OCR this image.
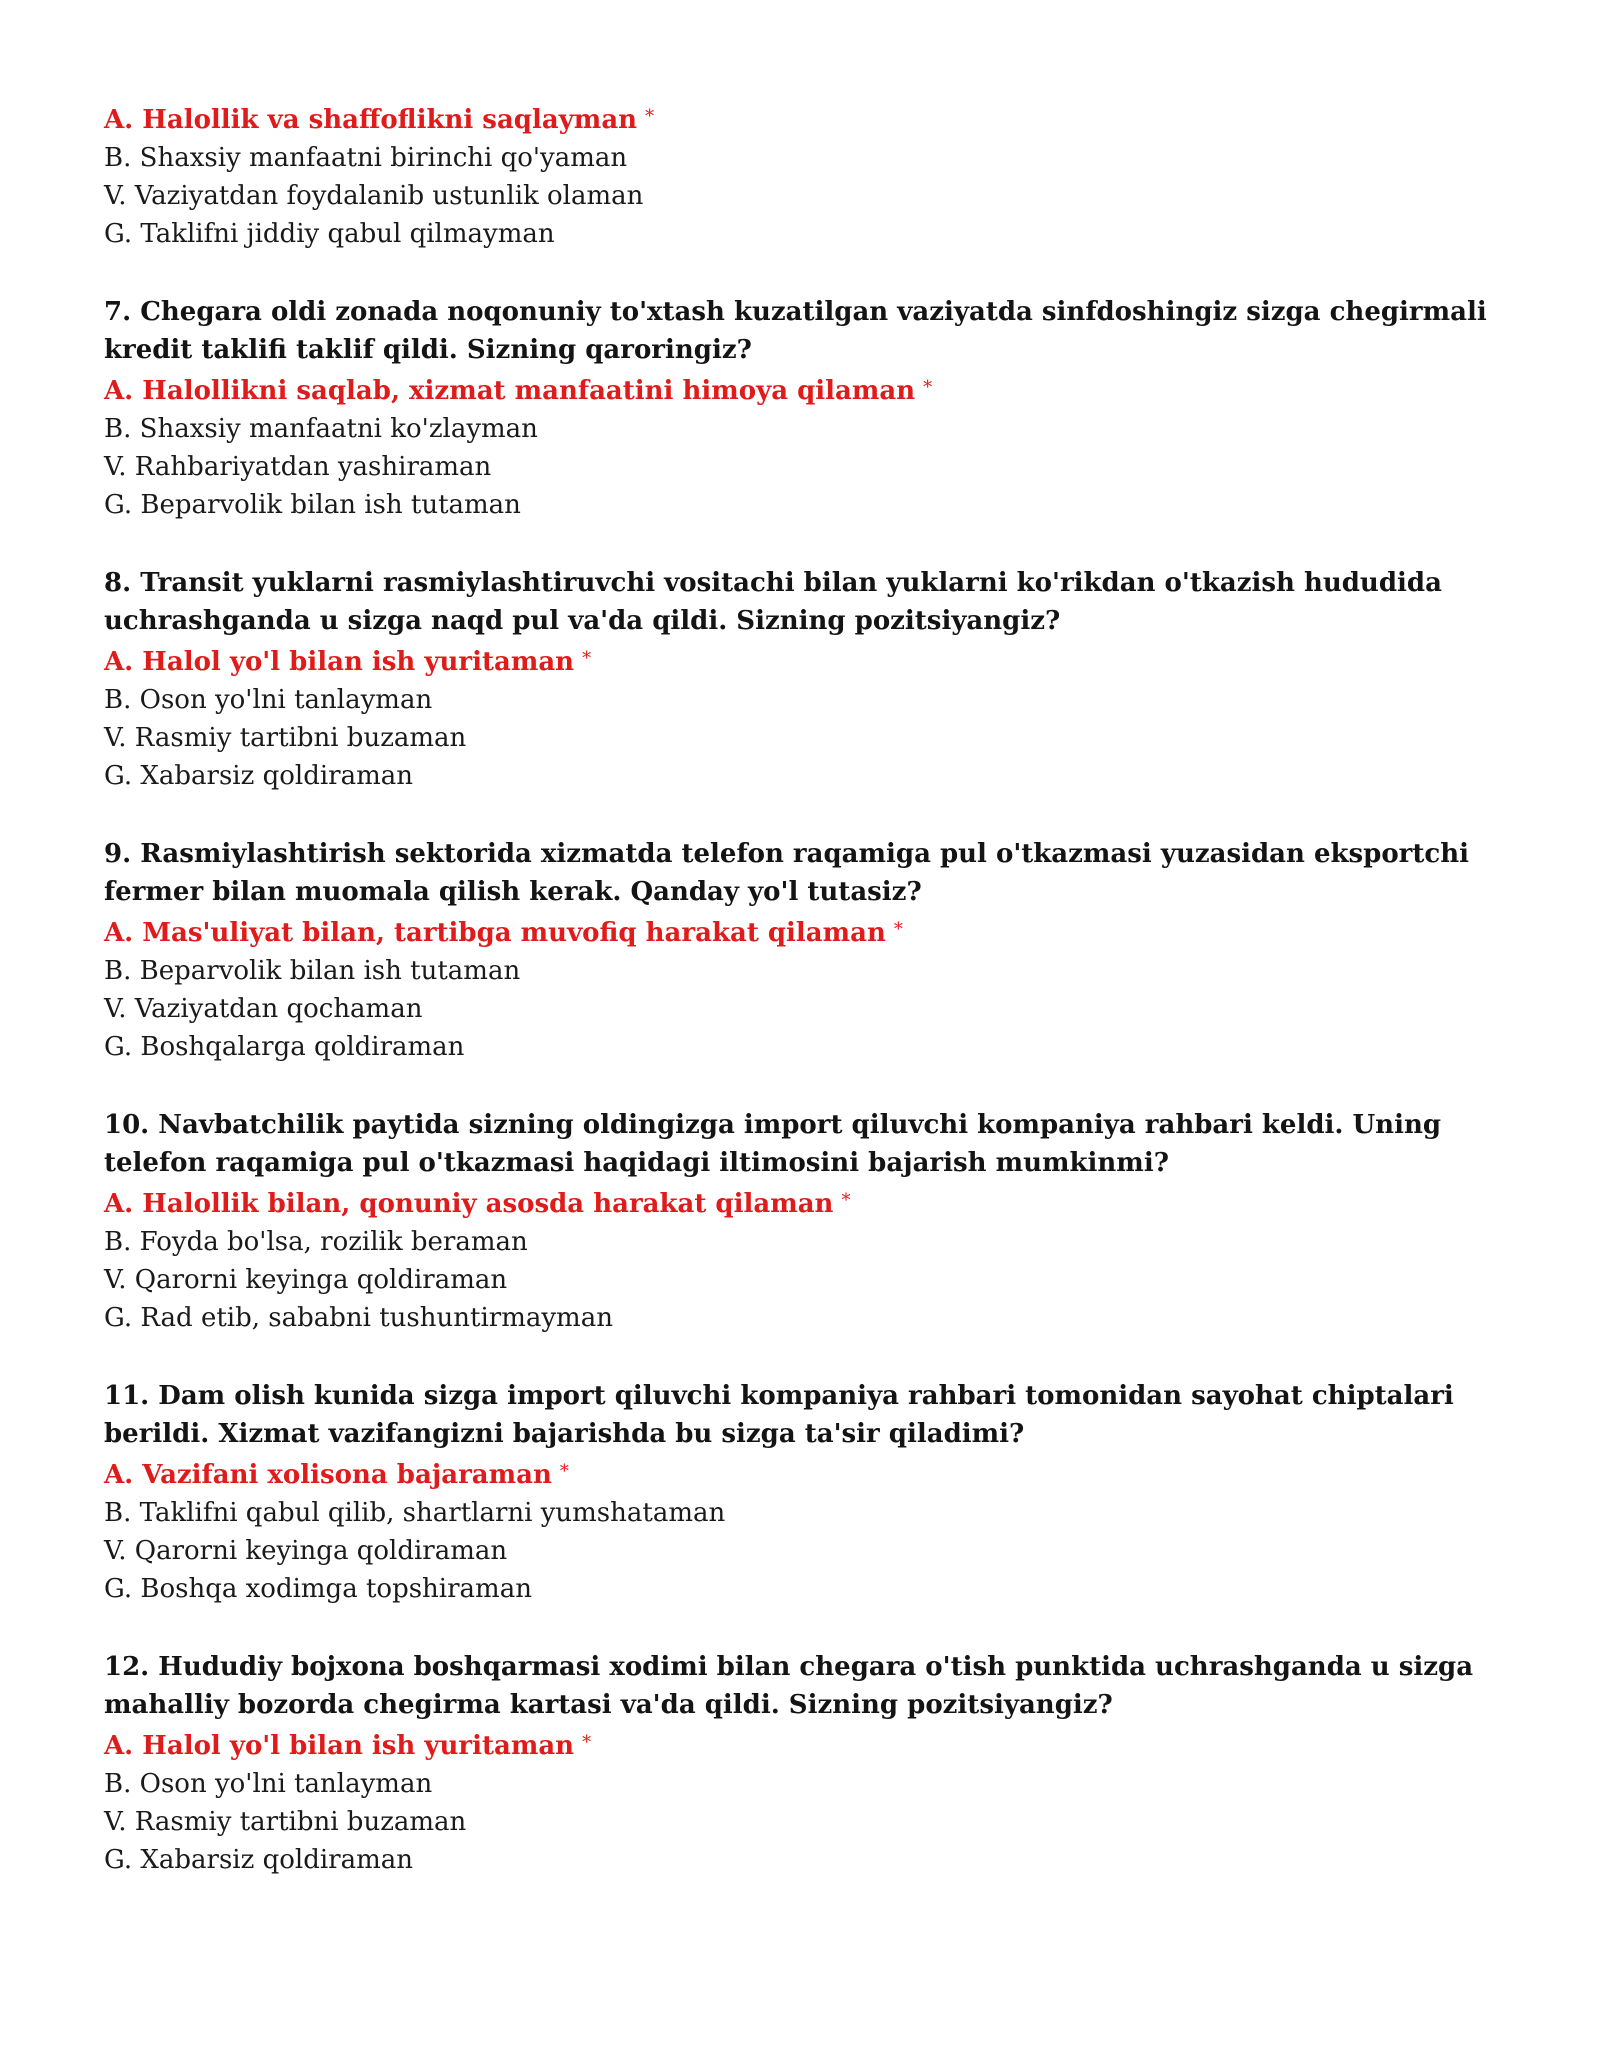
A. Halollik va shaffoflikni saqlayman *
B. Shaxsiy manfaatni birinchi qo'yaman
V. Vaziyatdan foydalanib ustunlik olaman
G. Taklifni jiddiy qabul qilmayman
7. Chegara oldi zonada noqonuniy to'xtash kuzatilgan vaziyatda sinfdoshingiz sizga chegirmali kredit taklifi taklif qildi. Sizning qaroringiz?
A. Halollikni saqlab, xizmat manfaatini himoya qilaman *
B. Shaxsiy manfaatni ko'zlayman
V. Rahbariyatdan yashiraman
G. Beparvolik bilan ish tutaman
8. Transit yuklarni rasmiylashtiruvchi vositachi bilan yuklarni ko'rikdan o'tkazish hududida uchrashganda u sizga naqd pul va'da qildi. Sizning pozitsiyangiz?
A. Halol yo'l bilan ish yuritaman *
B. Oson yo'lni tanlayman
V. Rasmiy tartibni buzaman
G. Xabarsiz qoldiraman
9. Rasmiylashtirish sektorida xizmatda telefon raqamiga pul o'tkazmasi yuzasidan eksportchi fermer bilan muomala qilish kerak. Qanday yo'l tutasiz?
A. Mas'uliyat bilan, tartibga muvofiq harakat qilaman *
B. Beparvolik bilan ish tutaman
V. Vaziyatdan qochaman
G. Boshqalarga qoldiraman
10. Navbatchilik paytida sizning oldingizga import qiluvchi kompaniya rahbari keldi. Uning telefon raqamiga pul o'tkazmasi haqidagi iltimosini bajarish mumkinmi?
A. Halollik bilan, qonuniy asosda harakat qilaman *
B. Foyda bo'lsa, rozilik beraman
V. Qarorni keyinga qoldiraman
G. Rad etib, sababni tushuntirmayman
11. Dam olish kunida sizga import qiluvchi kompaniya rahbari tomonidan sayohat chiptalari berildi. Xizmat vazifangizni bajarishda bu sizga ta'sir qiladimi?
A. Vazifani xolisona bajaraman *
B. Taklifni qabul qilib, shartlarni yumshataman
V. Qarorni keyinga qoldiraman
G. Boshqa xodimga topshiraman
12. Hududiy bojxona boshqarmasi xodimi bilan chegara o'tish punktida uchrashganda u sizga mahalliy bozorda chegirma kartasi va'da qildi. Sizning pozitsiyangiz?
A. Halol yo'l bilan ish yuritaman *
B. Oson yo'lni tanlayman
V. Rasmiy tartibni buzaman
G. Xabarsiz qoldiraman
